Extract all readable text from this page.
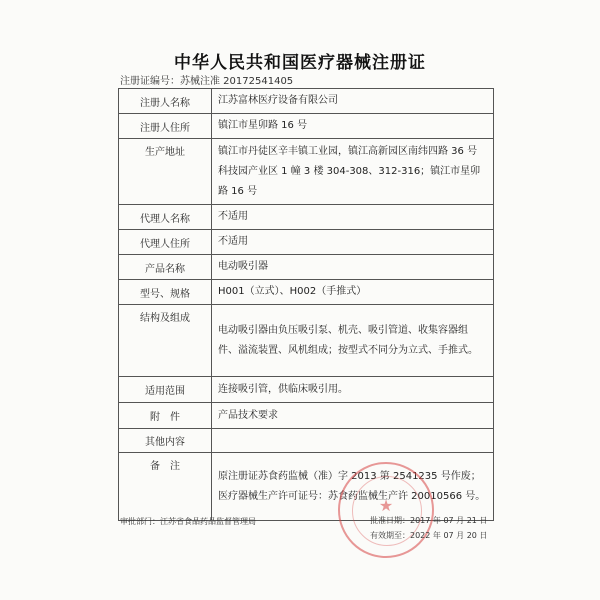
中华人民共和国医疗器械注册证
注册证编号：苏械注准 20172541405
注册人名称	江苏富林医疗设备有限公司
注册人住所	镇江市星卯路 16 号
生产地址	镇江市丹徒区辛丰镇工业园，镇江高新园区南纬四路 36 号科技园产业区 1 幢 3 楼 304-308、312-316；镇江市星卯路 16 号
代理人名称	不适用
代理人住所	不适用
产品名称	电动吸引器
型号、规格	H001（立式）、H002（手推式）
结构及组成	电动吸引器由负压吸引泵、机壳、吸引管道、收集容器组件、溢流装置、风机组成；按型式不同分为立式、手推式。
适用范围	连接吸引管，供临床吸引用。
附　件	产品技术要求
其他内容	
备　注	原注册证苏食药监械（准）字 2013 第 2541235 号作废；医疗器械生产许可证号：苏食药监械生产许 20010566 号。
★
审批部门：江苏省食品药品监督管理局	批准日期：2017 年 07 月 21 日
有效期至：2022 年 07 月 20 日
